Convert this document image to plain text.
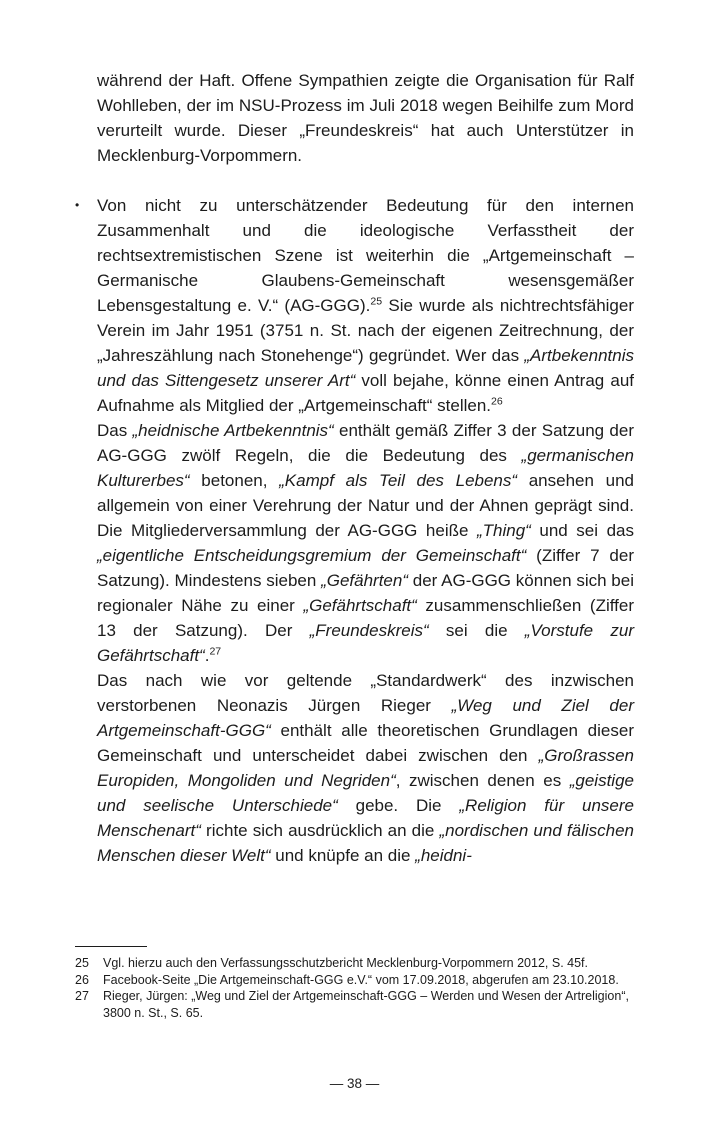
während der Haft. Offene Sympathien zeigte die Organisation für Ralf Wohlleben, der im NSU-Prozess im Juli 2018 wegen Beihilfe zum Mord verurteilt wurde. Dieser „Freundeskreis“ hat auch Unterstützer in Mecklenburg-Vorpommern.

• Von nicht zu unterschätzender Bedeutung für den internen Zusammenhalt und die ideologische Verfasstheit der rechtsextremistischen Szene ist weiterhin die „Artgemeinschaft – Germanische Glaubens-Gemeinschaft wesensgemäßer Lebensgestaltung e. V.“ (AG-GGG).$^{25}$ Sie wurde als nichtrechtsfähiger Verein im Jahr 1951 (3751 n. St. nach der eigenen Zeitrechnung, der „Jahreszählung nach Stonehenge“) gegründet. Wer das „Artbekenntnis und das Sittengesetz unserer Art“ voll bejahe, könne einen Antrag auf Aufnahme als Mitglied der „Artgemeinschaft“ stellen.$^{26}$

Das „heidnische Artbekenntnis“ enthält gemäß Ziffer 3 der Satzung der AG-GGG zwölf Regeln, die die Bedeutung des „germanischen Kulturerbes“ betonen, „Kampf als Teil des Lebens“ ansehen und allgemein von einer Verehrung der Natur und der Ahnen geprägt sind. Die Mitgliederversammlung der AG-GGG heiße „Thing“ und sei das „eigentliche Entscheidungsgremium der Gemeinschaft“ (Ziffer 7 der Satzung). Mindestens sieben „Gefährten“ der AG-GGG können sich bei regionaler Nähe zu einer „Gefährtschaft“ zusammenschließen (Ziffer 13 der Satzung). Der „Freundeskreis“ sei die „Vorstufe zur Gefährtschaft“.$^{27}$

Das nach wie vor geltende „Standardwerk“ des inzwischen verstorbenen Neonazis Jürgen Rieger „Weg und Ziel der Artgemeinschaft-GGG“ enthält alle theoretischen Grundlagen dieser Gemeinschaft und unterscheidet dabei zwischen den „Großrassen Europiden, Mongoliden und Negriden“, zwischen denen es „geistige und seelische Unterschiede“ gebe. Die „Religion für unsere Menschenart“ richte sich ausdrücklich an die „nordischen und fälischen Menschen dieser Welt“ und knüpfe an die „heidni-

25	Vgl. hierzu auch den Verfassungsschutzbericht Mecklenburg-Vorpommern 2012, S. 45f.
26	Facebook-Seite „Die Artgemeinschaft-GGG e.V.“ vom 17.09.2018, abgerufen am 23.10.2018.
27	Rieger, Jürgen: „Weg und Ziel der Artgemeinschaft-GGG – Werden und Wesen der Artreligion“, 3800 n. St., S. 65.
— 38 —
